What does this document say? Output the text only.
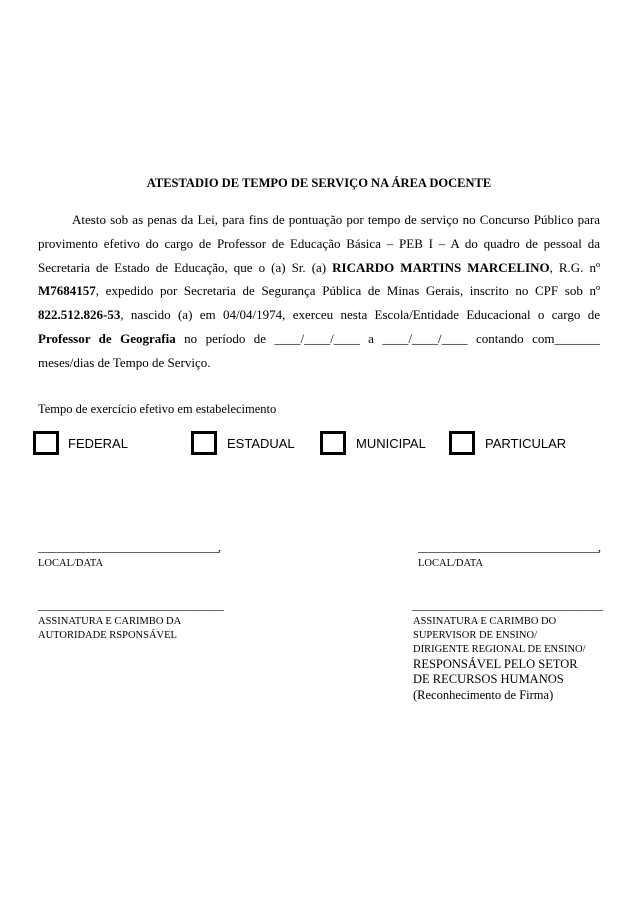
ATESTADIO DE TEMPO DE SERVIÇO NA ÁREA DOCENTE

Atesto sob as penas da Lei, para fins de pontuação por tempo de serviço no Concurso Público para provimento efetivo do cargo de Professor de Educação Básica – PEB I – A do quadro de pessoal da Secretaria de Estado de Educação, que o (a) Sr. (a) RICARDO MARTINS MARCELINO, R.G. nº M7684157, expedido por Secretaria de Segurança Pública de Minas Gerais, inscrito no CPF sob nº 822.512.826-53, nascido (a) em 04/04/1974, exerceu nesta Escola/Entidade Educacional o cargo de Professor de Geografia no período de ____/____/____ a ____/____/____ contando com_______

meses/dias de Tempo de Serviço.

Tempo de exercício efetivo em estabelecimento
FEDERAL	ESTADUAL	MUNICIPAL	PARTICULAR
____________________________________,
LOCAL/DATA
____________________________________,
LOCAL/DATA
_____________________________________
ASSINATURA E CARIMBO DA
AUTORIDADE RSPONSÁVEL
______________________________________
ASSINATURA E CARIMBO DO
SUPERVISOR DE ENSINO/
DIRIGENTE REGIONAL DE ENSINO/
RESPONSÁVEL PELO SETOR
DE RECURSOS HUMANOS
(Reconhecimento de Firma)
